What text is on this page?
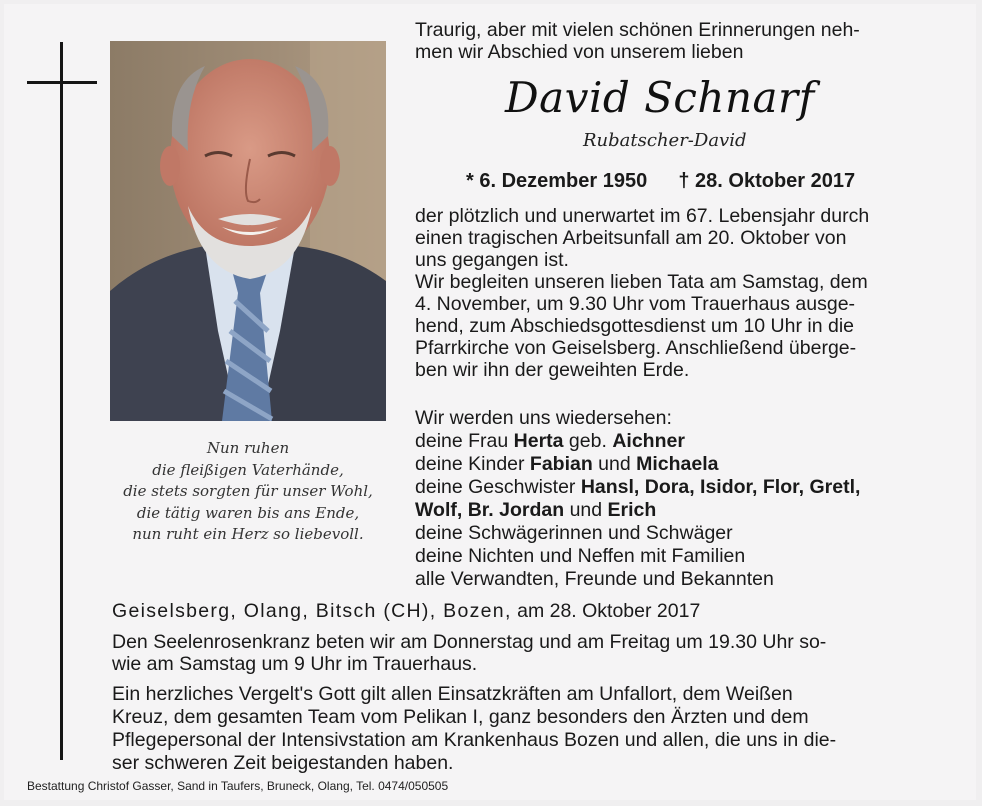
Nun ruhen
die fleißigen Vaterhände,
die stets sorgten für unser Wohl,
die tätig waren bis ans Ende,
nun ruht ein Herz so liebevoll.
Traurig, aber mit vielen schönen Erinnerungen neh-
men wir Abschied von unserem lieben
David Schnarf
Rubatscher-David
* 6. Dezember 1950 † 28. Oktober 2017
der plötzlich und unerwartet im 67. Lebensjahr durch
einen tragischen Arbeitsunfall am 20. Oktober von
uns gegangen ist.
Wir begleiten unseren lieben Tata am Samstag, dem
4. November, um 9.30 Uhr vom Trauerhaus ausge-
hend, zum Abschiedsgottesdienst um 10 Uhr in die
Pfarrkirche von Geiselsberg. Anschließend überge-
ben wir ihn der geweihten Erde.
Wir werden uns wiedersehen:
deine Frau Herta geb. Aichner
deine Kinder Fabian und Michaela
deine Geschwister Hansl, Dora, Isidor, Flor, Gretl,
Wolf, Br. Jordan und Erich
deine Schwägerinnen und Schwäger
deine Nichten und Neffen mit Familien
alle Verwandten, Freunde und Bekannten
Geiselsberg, Olang, Bitsch (CH), Bozen, am 28. Oktober 2017
Den Seelenrosenkranz beten wir am Donnerstag und am Freitag um 19.30 Uhr so-
wie am Samstag um 9 Uhr im Trauerhaus.
Ein herzliches Vergelt's Gott gilt allen Einsatzkräften am Unfallort, dem Weißen
Kreuz, dem gesamten Team vom Pelikan I, ganz besonders den Ärzten und dem
Pflegepersonal der Intensivstation am Krankenhaus Bozen und allen, die uns in die-
ser schweren Zeit beigestanden haben.
Bestattung Christof Gasser, Sand in Taufers, Bruneck, Olang, Tel. 0474/050505
